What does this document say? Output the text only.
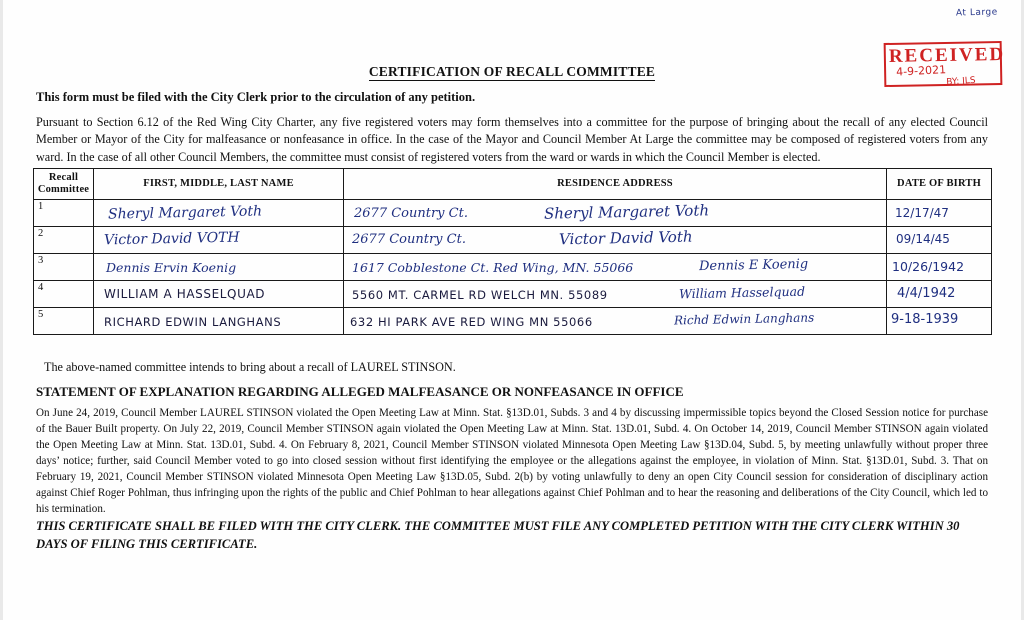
At Large
RECEIVED
4-9-2021
BY: JLS
CERTIFICATION OF RECALL COMMITTEE
This form must be filed with the City Clerk prior to the circulation of any petition.
Pursuant to Section 6.12 of the Red Wing City Charter, any five registered voters may form themselves into a committee for the purpose of bringing about the recall of any elected Council Member or Mayor of the City for malfeasance or nonfeasance in office. In the case of the Mayor and Council Member At Large the committee may be composed of registered voters from any ward. In the case of all other Council Members, the committee must consist of registered voters from the ward or wards in which the Council Member is elected.
Recall Committee	FIRST, MIDDLE, LAST NAME	RESIDENCE ADDRESS	DATE OF BIRTH

1	Sheryl Margaret Voth	2677 Country Ct. Sheryl Margaret Voth	12/17/47

2	Victor David VOTH	2677 Country Ct. Victor David Voth	09/14/45

3	Dennis Ervin Koenig	1617 Cobblestone Ct. Red Wing, MN. 55066 Dennis E Koenig	10/26/1942

4	WILLIAM A HASSELQUAD	5560 MT. CARMEL RD WELCH MN. 55089 William Hasselquad	4/4/1942

5	RICHARD EDWIN LANGHANS	632 HI PARK AVE RED WING MN 55066 Richd Edwin Langhans	9-18-1939
The above-named committee intends to bring about a recall of LAUREL STINSON.
STATEMENT OF EXPLANATION REGARDING ALLEGED MALFEASANCE OR NONFEASANCE IN OFFICE
On June 24, 2019, Council Member LAUREL STINSON violated the Open Meeting Law at Minn. Stat. §13D.01, Subds. 3 and 4 by discussing impermissible topics beyond the Closed Session notice for purchase of the Bauer Built property. On July 22, 2019, Council Member STINSON again violated the Open Meeting Law at Minn. Stat. 13D.01, Subd. 4. On October 14, 2019, Council Member STINSON again violated the Open Meeting Law at Minn. Stat. 13D.01, Subd. 4. On February 8, 2021, Council Member STINSON violated Minnesota Open Meeting Law §13D.04, Subd. 5, by meeting unlawfully without proper three days’ notice; further, said Council Member voted to go into closed session without first identifying the employee or the allegations against the employee, in violation of Minn. Stat. §13D.01, Subd. 3. That on February 19, 2021, Council Member STINSON violated Minnesota Open Meeting Law §13D.05, Subd. 2(b) by voting unlawfully to deny an open City Council session for consideration of disciplinary action against Chief Roger Pohlman, thus infringing upon the rights of the public and Chief Pohlman to hear allegations against Chief Pohlman and to hear the reasoning and deliberations of the City Council, which led to his termination.
THIS CERTIFICATE SHALL BE FILED WITH THE CITY CLERK. THE COMMITTEE MUST FILE ANY COMPLETED PETITION WITH THE CITY CLERK WITHIN 30 DAYS OF FILING THIS CERTIFICATE.
